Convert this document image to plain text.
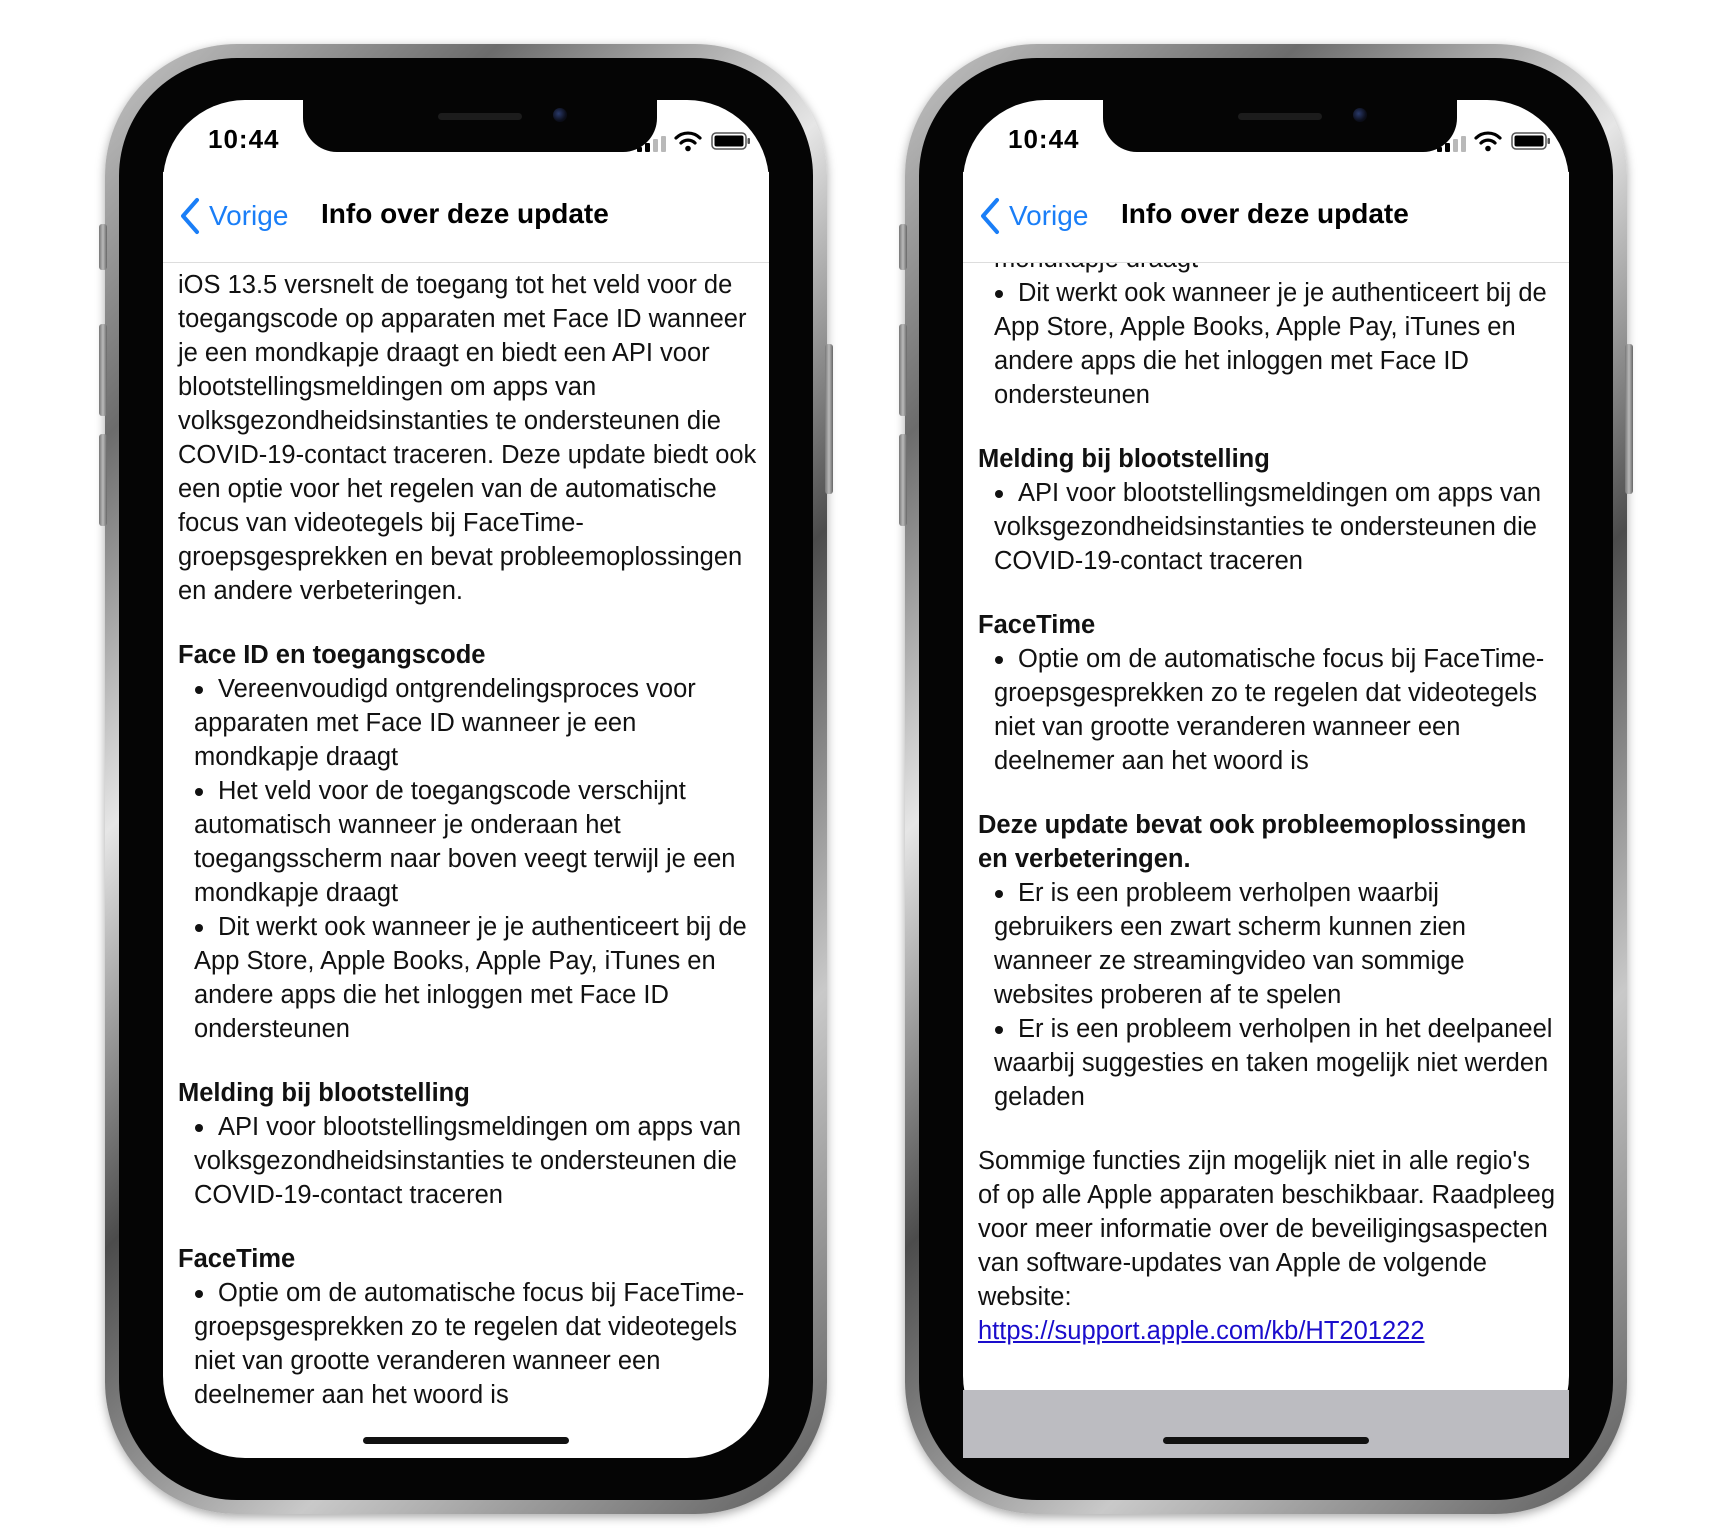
10:44
Vorige Info over deze update

iOS 13.5 versnelt de toegang tot het veld voor de toegangscode op apparaten met Face ID wanneer je een mondkapje draagt en biedt een API voor blootstellingsmeldingen om apps van volksgezondheidsinstanties te ondersteunen die COVID-19-contact traceren. Deze update biedt ook een optie voor het regelen van de automatische focus van videotegels bij FaceTime-groepsgesprekken en bevat probleemoplossingen en andere verbeteringen.

Face ID en toegangscode

Vereenvoudigd ontgrendelingsproces voor apparaten met Face ID wanneer je een mondkapje draagt
Het veld voor de toegangscode verschijnt automatisch wanneer je onderaan het toegangsscherm naar boven veegt terwijl je een mondkapje draagt
Dit werkt ook wanneer je je authenticeert bij de App Store, Apple Books, Apple Pay, iTunes en andere apps die het inloggen met Face ID ondersteunen

Melding bij blootstelling

API voor blootstellingsmeldingen om apps van volksgezondheidsinstanties te ondersteunen die COVID-19-contact traceren

FaceTime

Optie om de automatische focus bij FaceTime-groepsgesprekken zo te regelen dat videotegels niet van grootte veranderen wanneer een deelnemer aan het woord is
10:44
Vorige Info over deze update
Dit werkt ook wanneer je je authenticeert bij de App Store, Apple Books, Apple Pay, iTunes en andere apps die het inloggen met Face ID ondersteunen

Melding bij blootstelling

API voor blootstellingsmeldingen om apps van volksgezondheidsinstanties te ondersteunen die COVID-19-contact traceren

FaceTime

Optie om de automatische focus bij FaceTime-groepsgesprekken zo te regelen dat videotegels niet van grootte veranderen wanneer een deelnemer aan het woord is

Deze update bevat ook probleemoplossingen en verbeteringen.

Er is een probleem verholpen waarbij gebruikers een zwart scherm kunnen zien wanneer ze streamingvideo van sommige websites proberen af te spelen
Er is een probleem verholpen in het deelpaneel waarbij suggesties en taken mogelijk niet werden geladen

Sommige functies zijn mogelijk niet in alle regio's of op alle Apple apparaten beschikbaar. Raadpleeg voor meer informatie over de beveiligingsaspecten van software-updates van Apple de volgende website:

https://support.apple.com/kb/HT201222
